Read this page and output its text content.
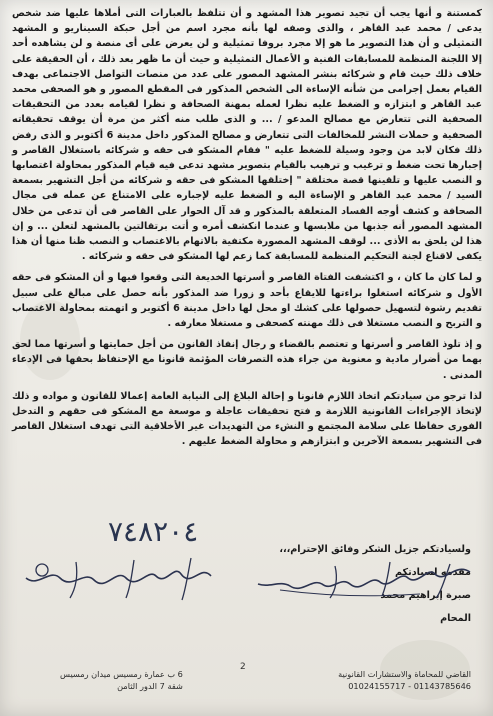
كمستنة و أنها يجب أن تجيد تصوير هذا المشهد و أن تتلفظ بالعبارات التى أملاها عليها ضد شخص يدعى / محمد عبد القاهر ، والذى وصفه لها بأنه مجرد اسم من أجل حبكة السيناريو و المشهد التمثيلى و أن هذا التصوير ما هو إلا مجرد بروفا تمثيلية و لن يعرض على أى منصة و لن يشاهده أحد إلا اللجنة المنظمة للمسابقات الفنية و الأعمال التمثيلية و حيث أن ما ظهر بعد ذلك ، أن الحقيقة على خلاف ذلك حيث قام و شركائه بنشر المشهد المصور على عدد من منصات التواصل الاجتماعى بهدف القيام بعمل إجرامى من شأنه الإساءة الى الشخص المذكور فى المقطع المصور و هو الصحفى محمد عبد القاهر و ابتزازه و الضغط عليه نظرا لعمله بمهنة الصحافة و نظرا لقيامه بعدد من التحقيقات الصحفية التى تتعارض مع مصالح المدعو / ... و الذى طلب منه أكثر من مرة أن يوقف تحقيقاته الصحفية و حملات النشر للمخالفات التى تتعارض و مصالح المذكور داخل مدينة 6 أكتوبر و الذى رفض ذلك فكان لابد من وجود وسيلة للضغط عليه " فقام المشكو فى حقه و شركائه باستغلال القاصر و إجبارها تحت ضغط و ترغيب و ترهيب بالقيام بتصوير مشهد تدعى فيه قيام المذكور بمحاولة اغتصابها و النصب عليها و تلقينها قصة مختلقة " إختلقها المشكو فى حقه و شركائه من أجل التشهير بسمعة السيد / محمد عبد القاهر و الإساءة اليه و الضغط عليه لإجباره على الامتناع عن عمله فى مجال الصحافة و كشف أوجه الفساد المتعلقة بالمذكور و قد آل الحوار على القاصر فى أن تدعى من خلال المشهد المصور أنه جذبها من ملابسها و عندما انكشف أمره و أتت برتقالتين بالمشهد لتعلن ... و إن هذا لن يلحق به الأذى ... لوقف المشهد المصورة مكتفية بالاتهام بالاغتصاب و النصب ظنا منها أن هذا يكفى لاقناع لجنة التحكيم المنظمة للمسابقة كما زعم لها المشكو فى حقه و شركائه .

و لما كان ما كان ، و اكتشفت الفتاة القاصر و أسرتها الخديعة التى وقعوا فيها و أن المشكو فى حقه الأول و شركائه استغلوا براءتها للايقاع بأحد و زورا ضد المذكور بأنه حصل على مبالغ على سبيل تقديم رشوة لتسهيل حصولها على كشك او محل لها داخل مدينة 6 أكتوبر و اتهمته بمحاولة الاغتصاب و التربح و النصب مستغلا فى ذلك مهنته كصحفى و مستغلا معارفه .

و إذ تلوذ القاصر و أسرتها و تعتصم بالقضاء و رجال إنفاذ القانون من أجل حمايتها و أسرتها مما لحق بهما من أضرار مادية و معنوية من جراء هذه التصرفات المؤثمة قانونا مع الإحتفاظ بحقها فى الإدعاء المدنى .

لذا ترجو من سيادتكم اتخاذ اللازم قانونا و إحالة البلاغ إلى النيابة العامة إعمالا للقانون و مواده و ذلك لإتخاذ الإجراءات القانونية اللازمة و فتح تحقيقات عاجلة و موسعة مع المشكو فى حقهم و التدخل الفورى حفاظا على سلامة المجتمع و النشء من التهديدات غير الأخلاقية التى تهدف استغلال القاصر فى التشهير بسمعة الآخرين و ابتزازهم و محاولة الضغط عليهم .

ولسيادتكم جزيل الشكر وفائق الإحترام،،،
مقدمه لسيادتكم
صبرة إبراهيم محمد
المحام
٧٤٨٢٠٤
2
القاضي للمحاماة والاستشارات القانونية
01143785646 - 01024155717
6 ب عمارة رمسيس ميدان رمسيس
شقة 7 الدور الثامن
